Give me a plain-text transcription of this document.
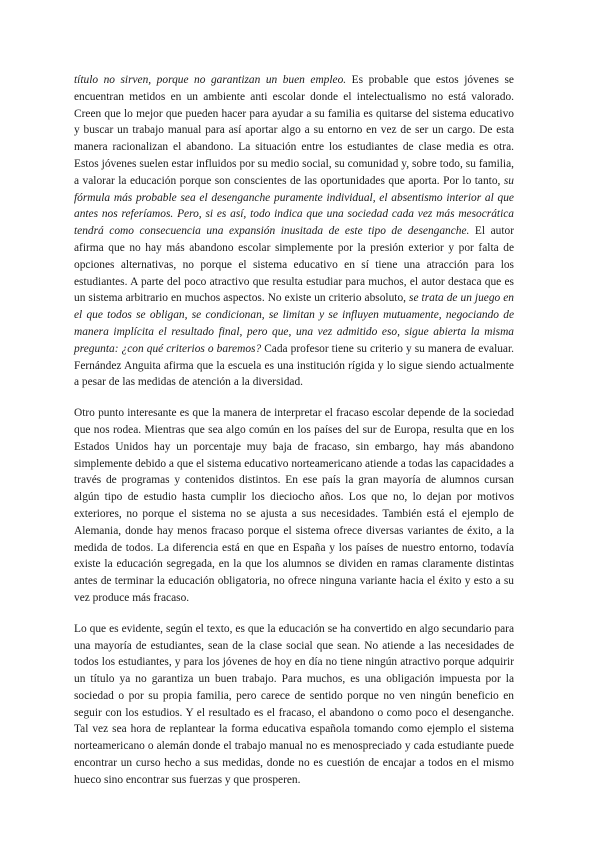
título no sirven, porque no garantizan un buen empleo. Es probable que estos jóvenes se encuentran metidos en un ambiente anti escolar donde el intelectualismo no está valorado. Creen que lo mejor que pueden hacer para ayudar a su familia es quitarse del sistema educativo y buscar un trabajo manual para así aportar algo a su entorno en vez de ser un cargo. De esta manera racionalizan el abandono. La situación entre los estudiantes de clase media es otra. Estos jóvenes suelen estar influidos por su medio social, su comunidad y, sobre todo, su familia, a valorar la educación porque son conscientes de las oportunidades que aporta. Por lo tanto, su fórmula más probable sea el desenganche puramente individual, el absentismo interior al que antes nos referíamos. Pero, si es así, todo indica que una sociedad cada vez más mesocrática tendrá como consecuencia una expansión inusitada de este tipo de desenganche. El autor afirma que no hay más abandono escolar simplemente por la presión exterior y por falta de opciones alternativas, no porque el sistema educativo en sí tiene una atracción para los estudiantes. A parte del poco atractivo que resulta estudiar para muchos, el autor destaca que es un sistema arbitrario en muchos aspectos. No existe un criterio absoluto, se trata de un juego en el que todos se obligan, se condicionan, se limitan y se influyen mutuamente, negociando de manera implícita el resultado final, pero que, una vez admitido eso, sigue abierta la misma pregunta: ¿con qué criterios o baremos? Cada profesor tiene su criterio y su manera de evaluar. Fernández Anguita afirma que la escuela es una institución rígida y lo sigue siendo actualmente a pesar de las medidas de atención a la diversidad.

Otro punto interesante es que la manera de interpretar el fracaso escolar depende de la sociedad que nos rodea. Mientras que sea algo común en los países del sur de Europa, resulta que en los Estados Unidos hay un porcentaje muy baja de fracaso, sin embargo, hay más abandono simplemente debido a que el sistema educativo norteamericano atiende a todas las capacidades a través de programas y contenidos distintos. En ese país la gran mayoría de alumnos cursan algún tipo de estudio hasta cumplir los dieciocho años. Los que no, lo dejan por motivos exteriores, no porque el sistema no se ajusta a sus necesidades. También está el ejemplo de Alemania, donde hay menos fracaso porque el sistema ofrece diversas variantes de éxito, a la medida de todos. La diferencia está en que en España y los países de nuestro entorno, todavía existe la educación segregada, en la que los alumnos se dividen en ramas claramente distintas antes de terminar la educación obligatoria, no ofrece ninguna variante hacia el éxito y esto a su vez produce más fracaso.

Lo que es evidente, según el texto, es que la educación se ha convertido en algo secundario para una mayoría de estudiantes, sean de la clase social que sean. No atiende a las necesidades de todos los estudiantes, y para los jóvenes de hoy en día no tiene ningún atractivo porque adquirir un título ya no garantiza un buen trabajo. Para muchos, es una obligación impuesta por la sociedad o por su propia familia, pero carece de sentido porque no ven ningún beneficio en seguir con los estudios. Y el resultado es el fracaso, el abandono o como poco el desenganche. Tal vez sea hora de replantear la forma educativa española tomando como ejemplo el sistema norteamericano o alemán donde el trabajo manual no es menospreciado y cada estudiante puede encontrar un curso hecho a sus medidas, donde no es cuestión de encajar a todos en el mismo hueco sino encontrar sus fuerzas y que prosperen.
